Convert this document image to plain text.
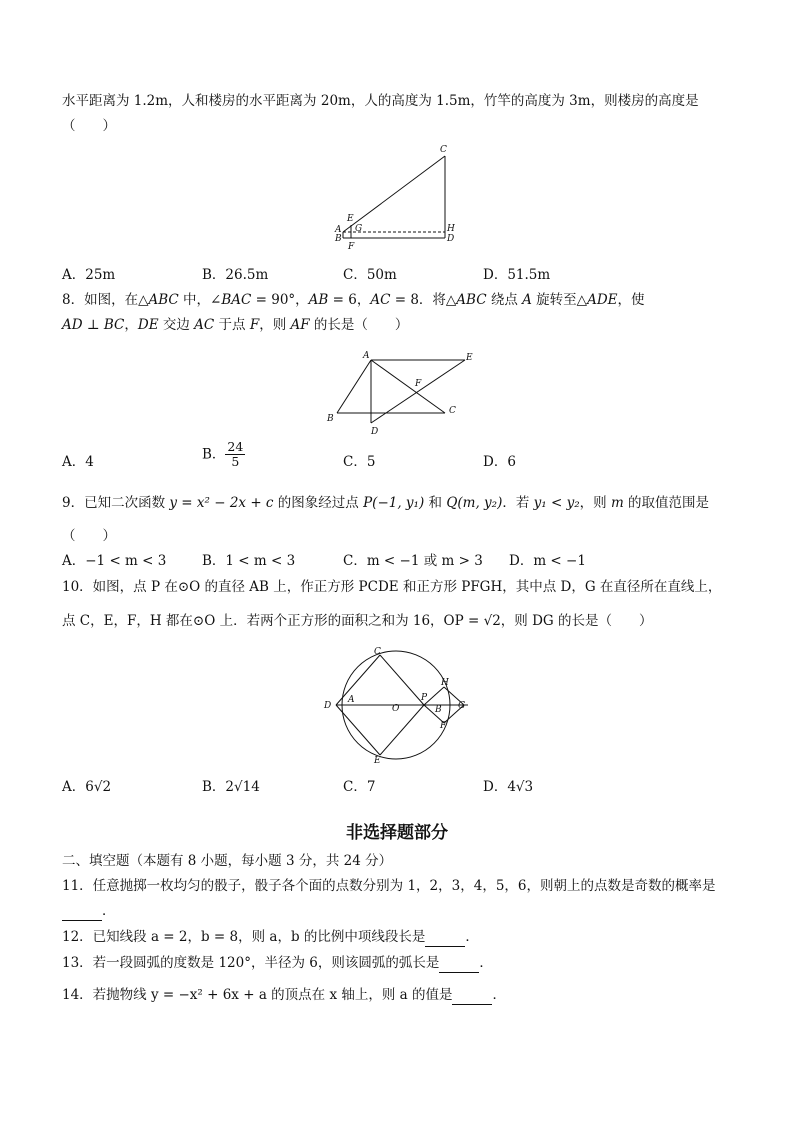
水平距离为 1.2m，人和楼房的水平距离为 20m，人的高度为 1.5m，竹竿的高度为 3m，则楼房的高度是
（　　）
C
E
G	H
A
B	D
F
A．25m	B．26.5m	C．50m	D．51.5m
8．如图，在△ABC 中，∠BAC = 90°，AB = 6，AC = 8．将△ABC 绕点 A 旋转至△ADE，使
AD ⊥ BC，DE 交边 AC 于点 F，则 AF 的长是（　　）
A	E
F
B
C
D
A．4	B． $\frac{24}{5}$	C．5	D．6
9．已知二次函数 y = x² − 2x + c 的图象经过点 P(−1, y₁) 和 Q(m, y₂)．若 y₁ < y₂，则 m 的取值范围是
（　　）
A．−1 < m < 3	B．1 < m < 3	C．m < −1 或 m > 3 D．m < −1
10．如图，点 P 在⊙O 的直径 AB 上，作正方形 PCDE 和正方形 PFGH，其中点 D，G 在直径所在直线上，
点 C，E，F，H 都在⊙O 上．若两个正方形的面积之和为 16，OP = √2，则 DG 的长是（　　）
C
H
D
A
O
P
B G
F
E
A．6√2	B．2√14	C．7	D．4√3
非选择题部分
二、填空题（本题有 8 小题，每小题 3 分，共 24 分）
11．任意抛掷一枚均匀的骰子，骰子各个面的点数分别为 1，2，3，4，5，6，则朝上的点数是奇数的概率是
．
12．已知线段 a = 2，b = 8，则 a，b 的比例中项线段长是	．
13．若一段圆弧的度数是 120°，半径为 6，则该圆弧的弧长是	．
14．若抛物线 y = −x² + 6x + a 的顶点在 x 轴上，则 a 的值是	．
